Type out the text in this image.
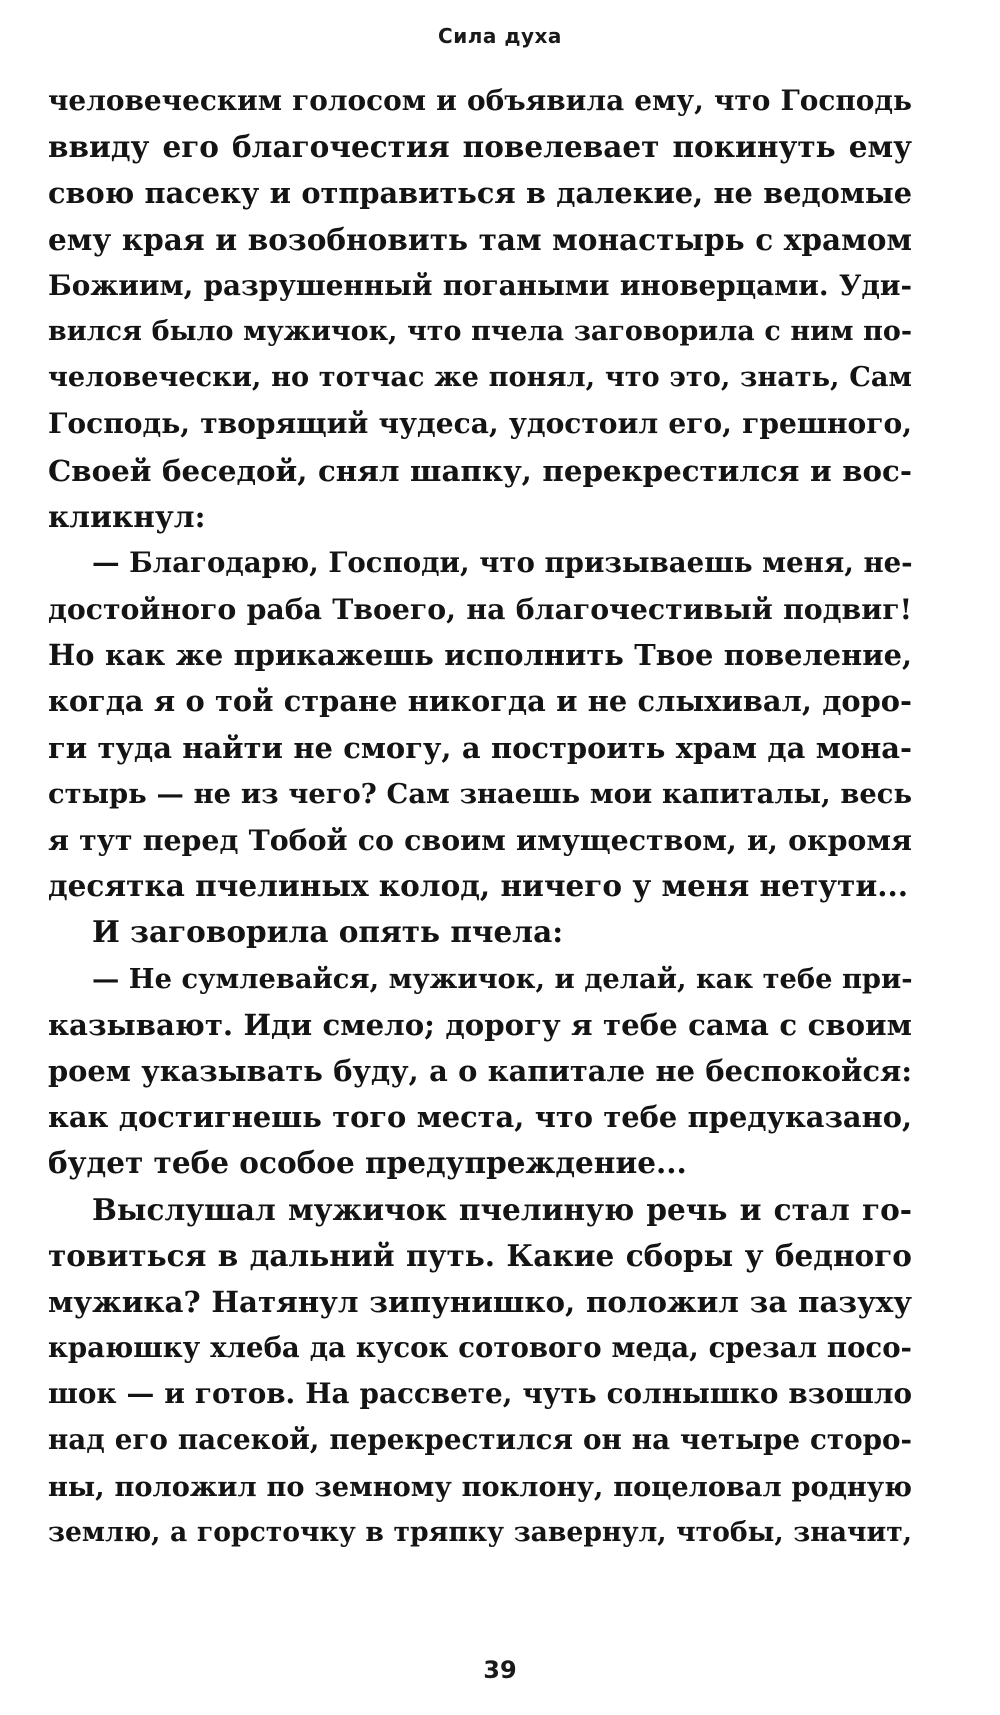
Сила духа
человеческим голосом и объявила ему, что Господь
ввиду его благочестия повелевает покинуть ему
свою пасеку и отправиться в далекие, не ведомые
ему края и возобновить там монастырь с храмом
Божиим, разрушенный погаными иноверцами. Уди-
вился было мужичок, что пчела заговорила с ним по-
человечески, но тотчас же понял, что это, знать, Сам
Господь, творящий чудеса, удостоил его, грешного,
Своей беседой, снял шапку, перекрестился и вос-
кликнул:
— Благодарю, Господи, что призываешь меня, не-
достойного раба Твоего, на благочестивый подвиг!
Но как же прикажешь исполнить Твое повеление,
когда я о той стране никогда и не слыхивал, доро-
ги туда найти не смогу, а построить храм да мона-
стырь — не из чего? Сам знаешь мои капиталы, весь
я тут перед Тобой со своим имуществом, и, окромя
десятка пчелиных колод, ничего у меня нетути...
И заговорила опять пчела:
— Не сумлевайся, мужичок, и делай, как тебе при-
казывают. Иди смело; дорогу я тебе сама с своим
роем указывать буду, а о капитале не беспокойся:
как достигнешь того места, что тебе предуказано,
будет тебе особое предупреждение...
Выслушал мужичок пчелиную речь и стал го-
товиться в дальний путь. Какие сборы у бедного
мужика? Натянул зипунишко, положил за пазуху
краюшку хлеба да кусок сотового меда, срезал посо-
шок — и готов. На рассвете, чуть солнышко взошло
над его пасекой, перекрестился он на четыре сторо-
ны, положил по земному поклону, поцеловал родную
землю, а горсточку в тряпку завернул, чтобы, значит,
39
